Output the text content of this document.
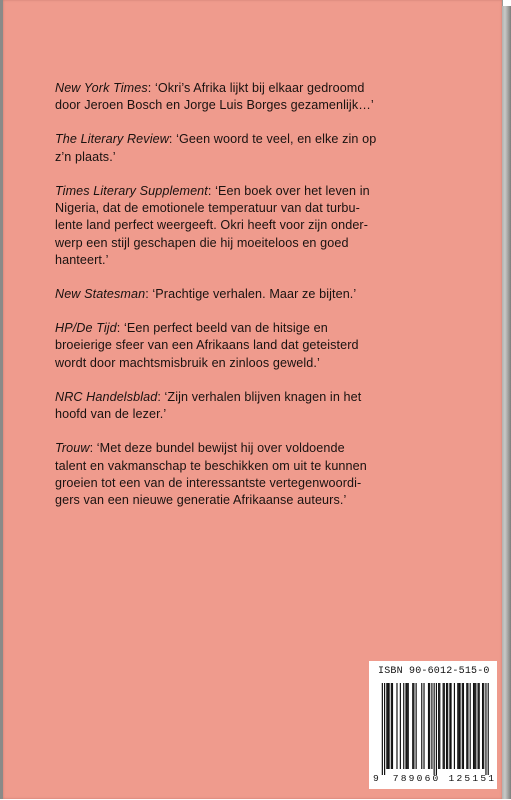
New York Times: ‘Okri’s Afrika lijkt bij elkaar gedroomd
door Jeroen Bosch en Jorge Luis Borges gezamenlijk…’
The Literary Review: ‘Geen woord te veel, en elke zin op
z’n plaats.’
Times Literary Supplement: ‘Een boek over het leven in
Nigeria, dat de emotionele temperatuur van dat turbu-
lente land perfect weergeeft. Okri heeft voor zijn onder-
werp een stijl geschapen die hij moeiteloos en goed
hanteert.’
New Statesman: ‘Prachtige verhalen. Maar ze bijten.’
HP/De Tijd: ‘Een perfect beeld van de hitsige en
broeierige sfeer van een Afrikaans land dat geteisterd
wordt door machtsmisbruik en zinloos geweld.’
NRC Handelsblad: ‘Zijn verhalen blijven knagen in het
hoofd van de lezer.’
Trouw: ‘Met deze bundel bewijst hij over voldoende
talent en vakmanschap te beschikken om uit te kunnen
groeien tot een van de interessantste vertegenwoordi-
gers van een nieuwe generatie Afrikaanse auteurs.’
ISBN 90-6012-515-0
9 789060 125151
